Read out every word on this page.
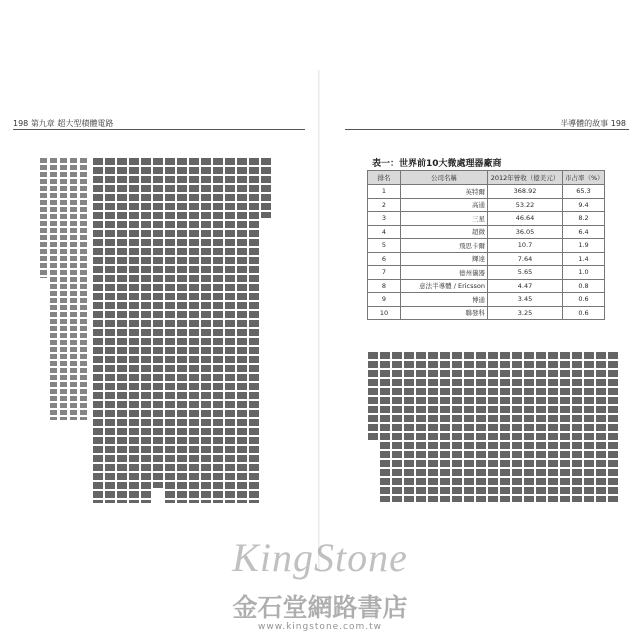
198 第九章 超大型積體電路	半導體的故事 198
表一：世界前10大微處理器廠商
排名	公司名稱	2012年營收（億美元）	市占率（%）
1	英特爾	368.92	65.3
2	高通	53.22	9.4
3	三星	46.64	8.2
4	超微	36.05	6.4
5	飛思卡爾	10.7	1.9
6	輝達	7.64	1.4
7	德州儀器	5.65	1.0
8	意法半導體 / Ericsson	4.47	0.8
9	博通	3.45	0.6
10	聯發科	3.25	0.6
KingStone
金石堂網路書店
www.kingstone.com.tw
